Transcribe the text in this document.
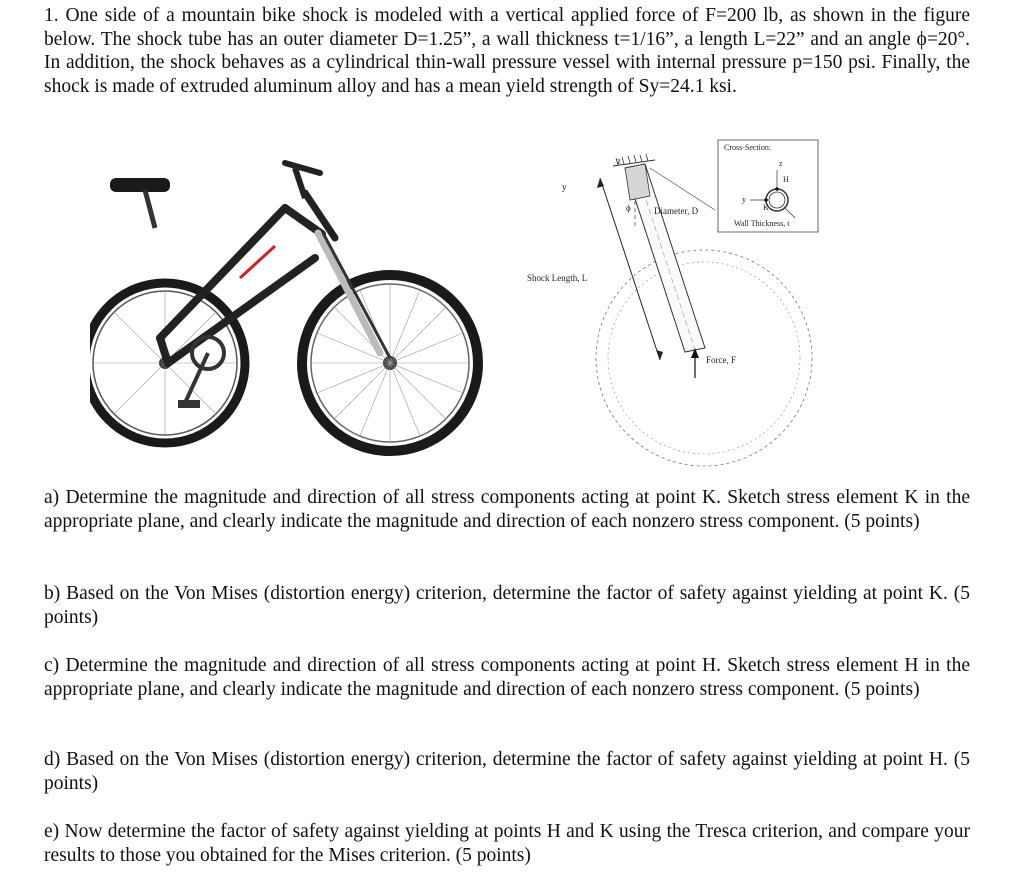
1. One side of a mountain bike shock is modeled with a vertical applied force of F=200 lb, as shown in the figure below. The shock tube has an outer diameter D=1.25”, a wall thickness t=1/16”, a length L=22” and an angle ϕ=20°. In addition, the shock behaves as a cylindrical thin-wall pressure vessel with internal pressure p=150 psi. Finally, the shock is made of extruded aluminum alloy and has a mean yield strength of Sy=24.1 ksi.
z
y
ϕ	Diameter, D
Shock Length, L
Force, F
Cross-Section:
z
y
H
K
Wall Thickness, t
a) Determine the magnitude and direction of all stress components acting at point K. Sketch stress element K in the appropriate plane, and clearly indicate the magnitude and direction of each nonzero stress component. (5 points)
b) Based on the Von Mises (distortion energy) criterion, determine the factor of safety against yielding at point K. (5 points)
c) Determine the magnitude and direction of all stress components acting at point H. Sketch stress element H in the appropriate plane, and clearly indicate the magnitude and direction of each nonzero stress component. (5 points)
d) Based on the Von Mises (distortion energy) criterion, determine the factor of safety against yielding at point H. (5 points)
e) Now determine the factor of safety against yielding at points H and K using the Tresca criterion, and compare your results to those you obtained for the Mises criterion. (5 points)
